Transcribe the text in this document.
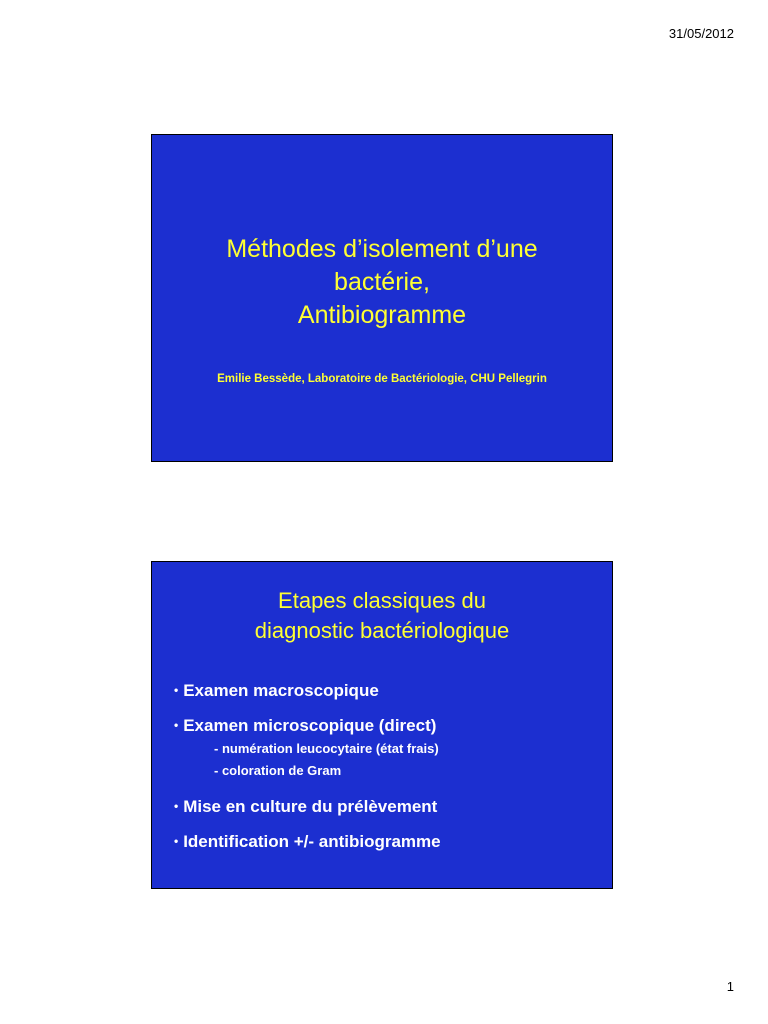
31/05/2012
Méthodes d’isolement d’une
bactérie,
Antibiogramme
Emilie Bessède, Laboratoire de Bactériologie, CHU Pellegrin
Etapes classiques du
diagnostic bactériologique
• Examen macroscopique
• Examen microscopique (direct)
- numération leucocytaire (état frais)
- coloration de Gram
• Mise en culture du prélèvement
• Identification +/- antibiogramme
1
